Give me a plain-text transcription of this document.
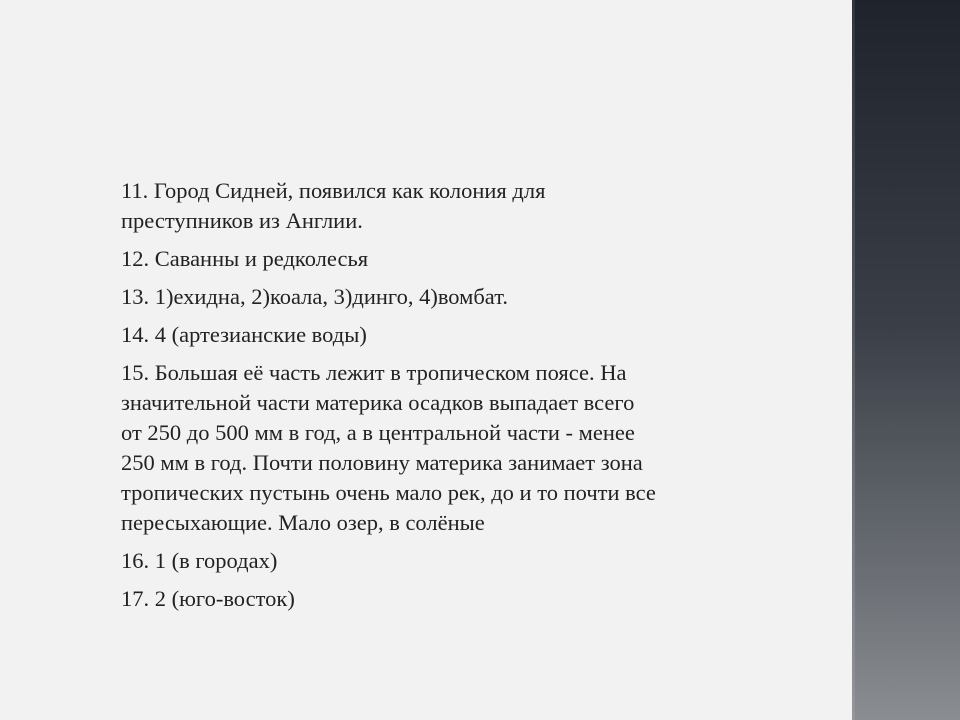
11. Город Сидней, появился как колония для
преступников из Англии.

12. Саванны и редколесья

13. 1)ехидна, 2)коала, 3)динго, 4)вомбат.

14. 4 (артезианские воды)

15. Большая её часть лежит в тропическом поясе. На
значительной части материка осадков выпадает всего
от 250 до 500 мм в год, а в центральной части - менее
250 мм в год. Почти половину материка занимает зона
тропических пустынь очень мало рек, до и то почти все
пересыхающие. Мало озер, в солёные

16. 1 (в городах)

17. 2 (юго-восток)
